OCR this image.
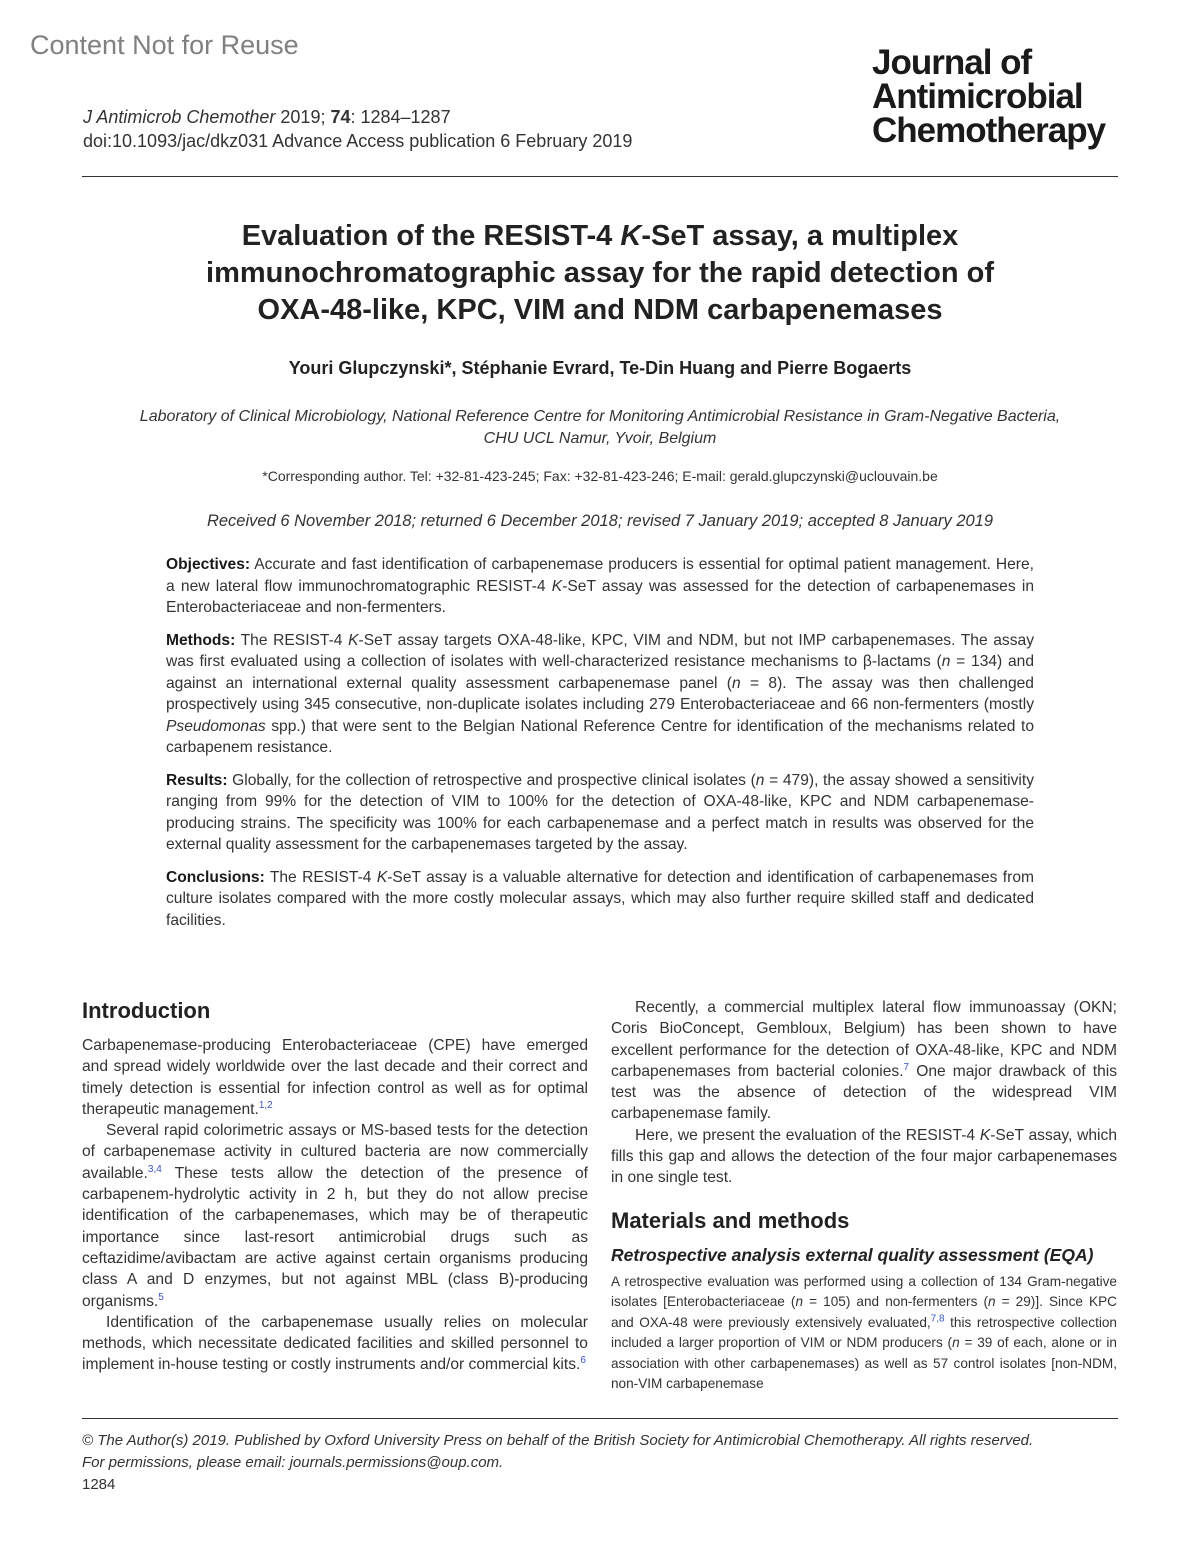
Content Not for Reuse
J Antimicrob Chemother 2019; 74: 1284–1287
doi:10.1093/jac/dkz031 Advance Access publication 6 February 2019
Journal of
Antimicrobial
Chemotherapy
Evaluation of the RESIST-4 K-SeT assay, a multiplex
immunochromatographic assay for the rapid detection of
OXA-48-like, KPC, VIM and NDM carbapenemases
Youri Glupczynski*, Stéphanie Evrard, Te-Din Huang and Pierre Bogaerts
Laboratory of Clinical Microbiology, National Reference Centre for Monitoring Antimicrobial Resistance in Gram-Negative Bacteria,
CHU UCL Namur, Yvoir, Belgium
*Corresponding author. Tel: +32-81-423-245; Fax: +32-81-423-246; E-mail: gerald.glupczynski@uclouvain.be
Received 6 November 2018; returned 6 December 2018; revised 7 January 2019; accepted 8 January 2019

Objectives: Accurate and fast identification of carbapenemase producers is essential for optimal patient management. Here, a new lateral flow immunochromatographic RESIST-4 K-SeT assay was assessed for the detection of carbapenemases in Enterobacteriaceae and non-fermenters.

Methods: The RESIST-4 K-SeT assay targets OXA-48-like, KPC, VIM and NDM, but not IMP carbapenemases. The assay was first evaluated using a collection of isolates with well-characterized resistance mechanisms to β-lactams (n = 134) and against an international external quality assessment carbapenemase panel (n = 8). The assay was then challenged prospectively using 345 consecutive, non-duplicate isolates including 279 Enterobacteriaceae and 66 non-fermenters (mostly Pseudomonas spp.) that were sent to the Belgian National Reference Centre for identification of the mechanisms related to carbapenem resistance.

Results: Globally, for the collection of retrospective and prospective clinical isolates (n = 479), the assay showed a sensitivity ranging from 99% for the detection of VIM to 100% for the detection of OXA-48-like, KPC and NDM carbapenemase-producing strains. The specificity was 100% for each carbapenemase and a perfect match in results was observed for the external quality assessment for the carbapenemases targeted by the assay.

Conclusions: The RESIST-4 K-SeT assay is a valuable alternative for detection and identification of carbapenemases from culture isolates compared with the more costly molecular assays, which may also further require skilled staff and dedicated facilities.

Introduction

Carbapenemase-producing Enterobacteriaceae (CPE) have emerged and spread widely worldwide over the last decade and their correct and timely detection is essential for infection control as well as for optimal therapeutic management.$^{1,2}$

Several rapid colorimetric assays or MS-based tests for the detection of carbapenemase activity in cultured bacteria are now commercially available.$^{3,4}$ These tests allow the detection of the presence of carbapenem-hydrolytic activity in 2 h, but they do not allow precise identification of the carbapenemases, which may be of therapeutic importance since last-resort antimicrobial drugs such as ceftazidime/avibactam are active against certain organisms producing class A and D enzymes, but not against MBL (class B)-producing organisms.$^5$

Identification of the carbapenemase usually relies on molecular methods, which necessitate dedicated facilities and skilled personnel to implement in-house testing or costly instruments and/or commercial kits.$^6$

Recently, a commercial multiplex lateral flow immunoassay (OKN; Coris BioConcept, Gembloux, Belgium) has been shown to have excellent performance for the detection of OXA-48-like, KPC and NDM carbapenemases from bacterial colonies.$^7$ One major drawback of this test was the absence of detection of the widespread VIM carbapenemase family.

Here, we present the evaluation of the RESIST-4 K-SeT assay, which fills this gap and allows the detection of the four major carbapenemases in one single test.

Materials and methods
Retrospective analysis external quality assessment (EQA)

A retrospective evaluation was performed using a collection of 134 Gram-negative isolates [Enterobacteriaceae (n = 105) and non-fermenters (n = 29)]. Since KPC and OXA-48 were previously extensively evaluated,$^{7,8}$ this retrospective collection included a larger proportion of VIM or NDM producers (n = 39 of each, alone or in association with other carbapenemases) as well as 57 control isolates [non-NDM, non-VIM carbapenemase

© The Author(s) 2019. Published by Oxford University Press on behalf of the British Society for Antimicrobial Chemotherapy. All rights reserved.
For permissions, please email: journals.permissions@oup.com.
1284
